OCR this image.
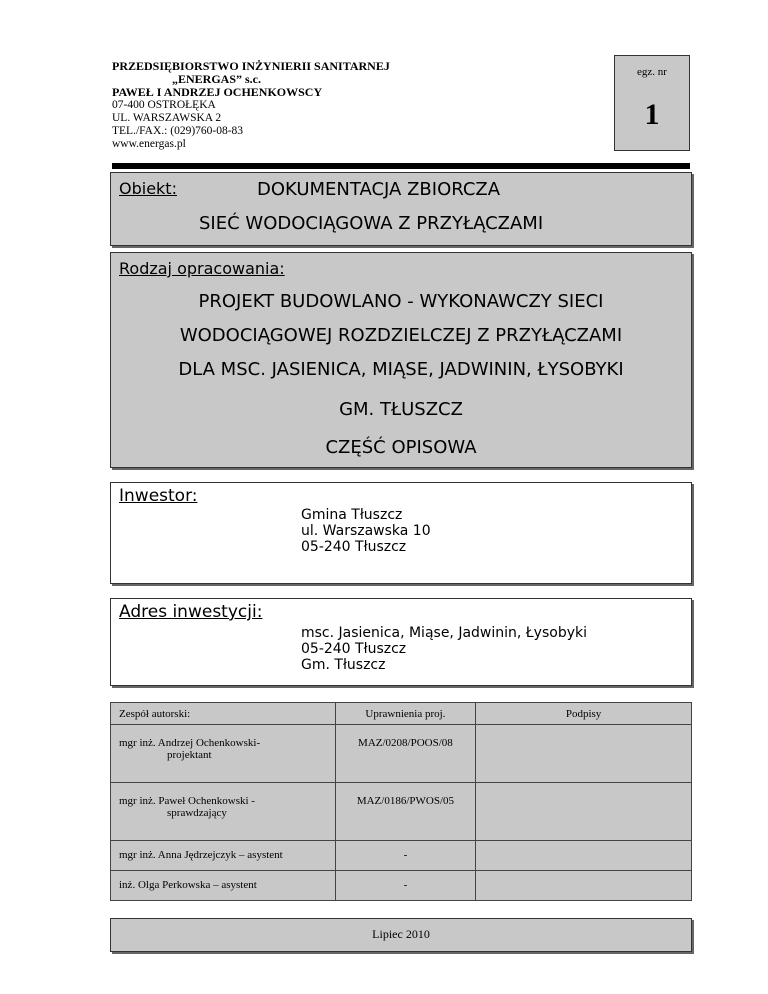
PRZEDSIĘBIORSTWO INŻYNIERII SANITARNEJ
„ENERGAS” s.c.
PAWEŁ I ANDRZEJ OCHENKOWSCY
07-400 OSTROŁĘKA
UL. WARSZAWSKA 2
TEL./FAX.: (029)760-08-83
www.energas.pl
egz. nr
1
Obiekt:	DOKUMENTACJA ZBIORCZA
SIEĆ WODOCIĄGOWA Z PRZYŁĄCZAMI
Rodzaj opracowania:
PROJEKT BUDOWLANO - WYKONAWCZY SIECI
WODOCIĄGOWEJ ROZDZIELCZEJ Z PRZYŁĄCZAMI
DLA MSC. JASIENICA, MIĄSE, JADWININ, ŁYSOBYKI
GM. TŁUSZCZ
CZĘŚĆ OPISOWA
Inwestor:
Gmina Tłuszcz
ul. Warszawska 10
05-240 Tłuszcz
Adres inwestycji:
msc. Jasienica, Miąse, Jadwinin, Łysobyki
05-240 Tłuszcz
Gm. Tłuszcz
Zespół autorski:	Uprawnienia proj.	Podpisy

mgr inż. Andrzej Ochenkowski-
projektant	MAZ/0208/POOS/08	

mgr inż. Paweł Ochenkowski -
sprawdzający	MAZ/0186/PWOS/05	

mgr inż. Anna Jędrzejczyk – asystent	-	

inż. Olga Perkowska – asystent	-	

Lipiec 2010
